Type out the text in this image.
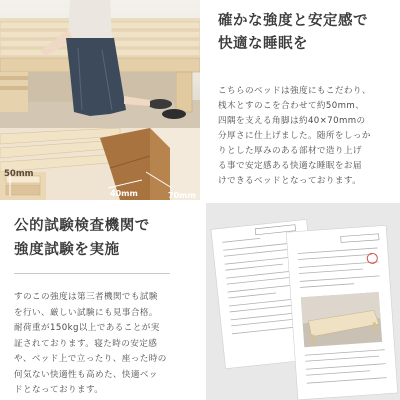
50mm
40mm	70mm
確かな強度と安定感で
快適な睡眠を
こちらのベッドは強度にもこだわり、
桟木とすのこを合わせて約50mm、
四隅を支える角脚は約40×70mmの
分厚さに仕上げました。随所をしっか
りとした厚みのある部材で造り上げ
る事で安定感ある快適な睡眠をお届
けできるベッドとなっております。
公的試験検査機関で
強度試験を実施
すのこの強度は第三者機関でも試験
を行い、厳しい試験にも見事合格。
耐荷重が150kg以上であることが実
証されております。寝た時の安定感
や、ベッド上で立ったり、座った時の
何気ない快適性も高めた、快適ベッ
ドとなっております。
